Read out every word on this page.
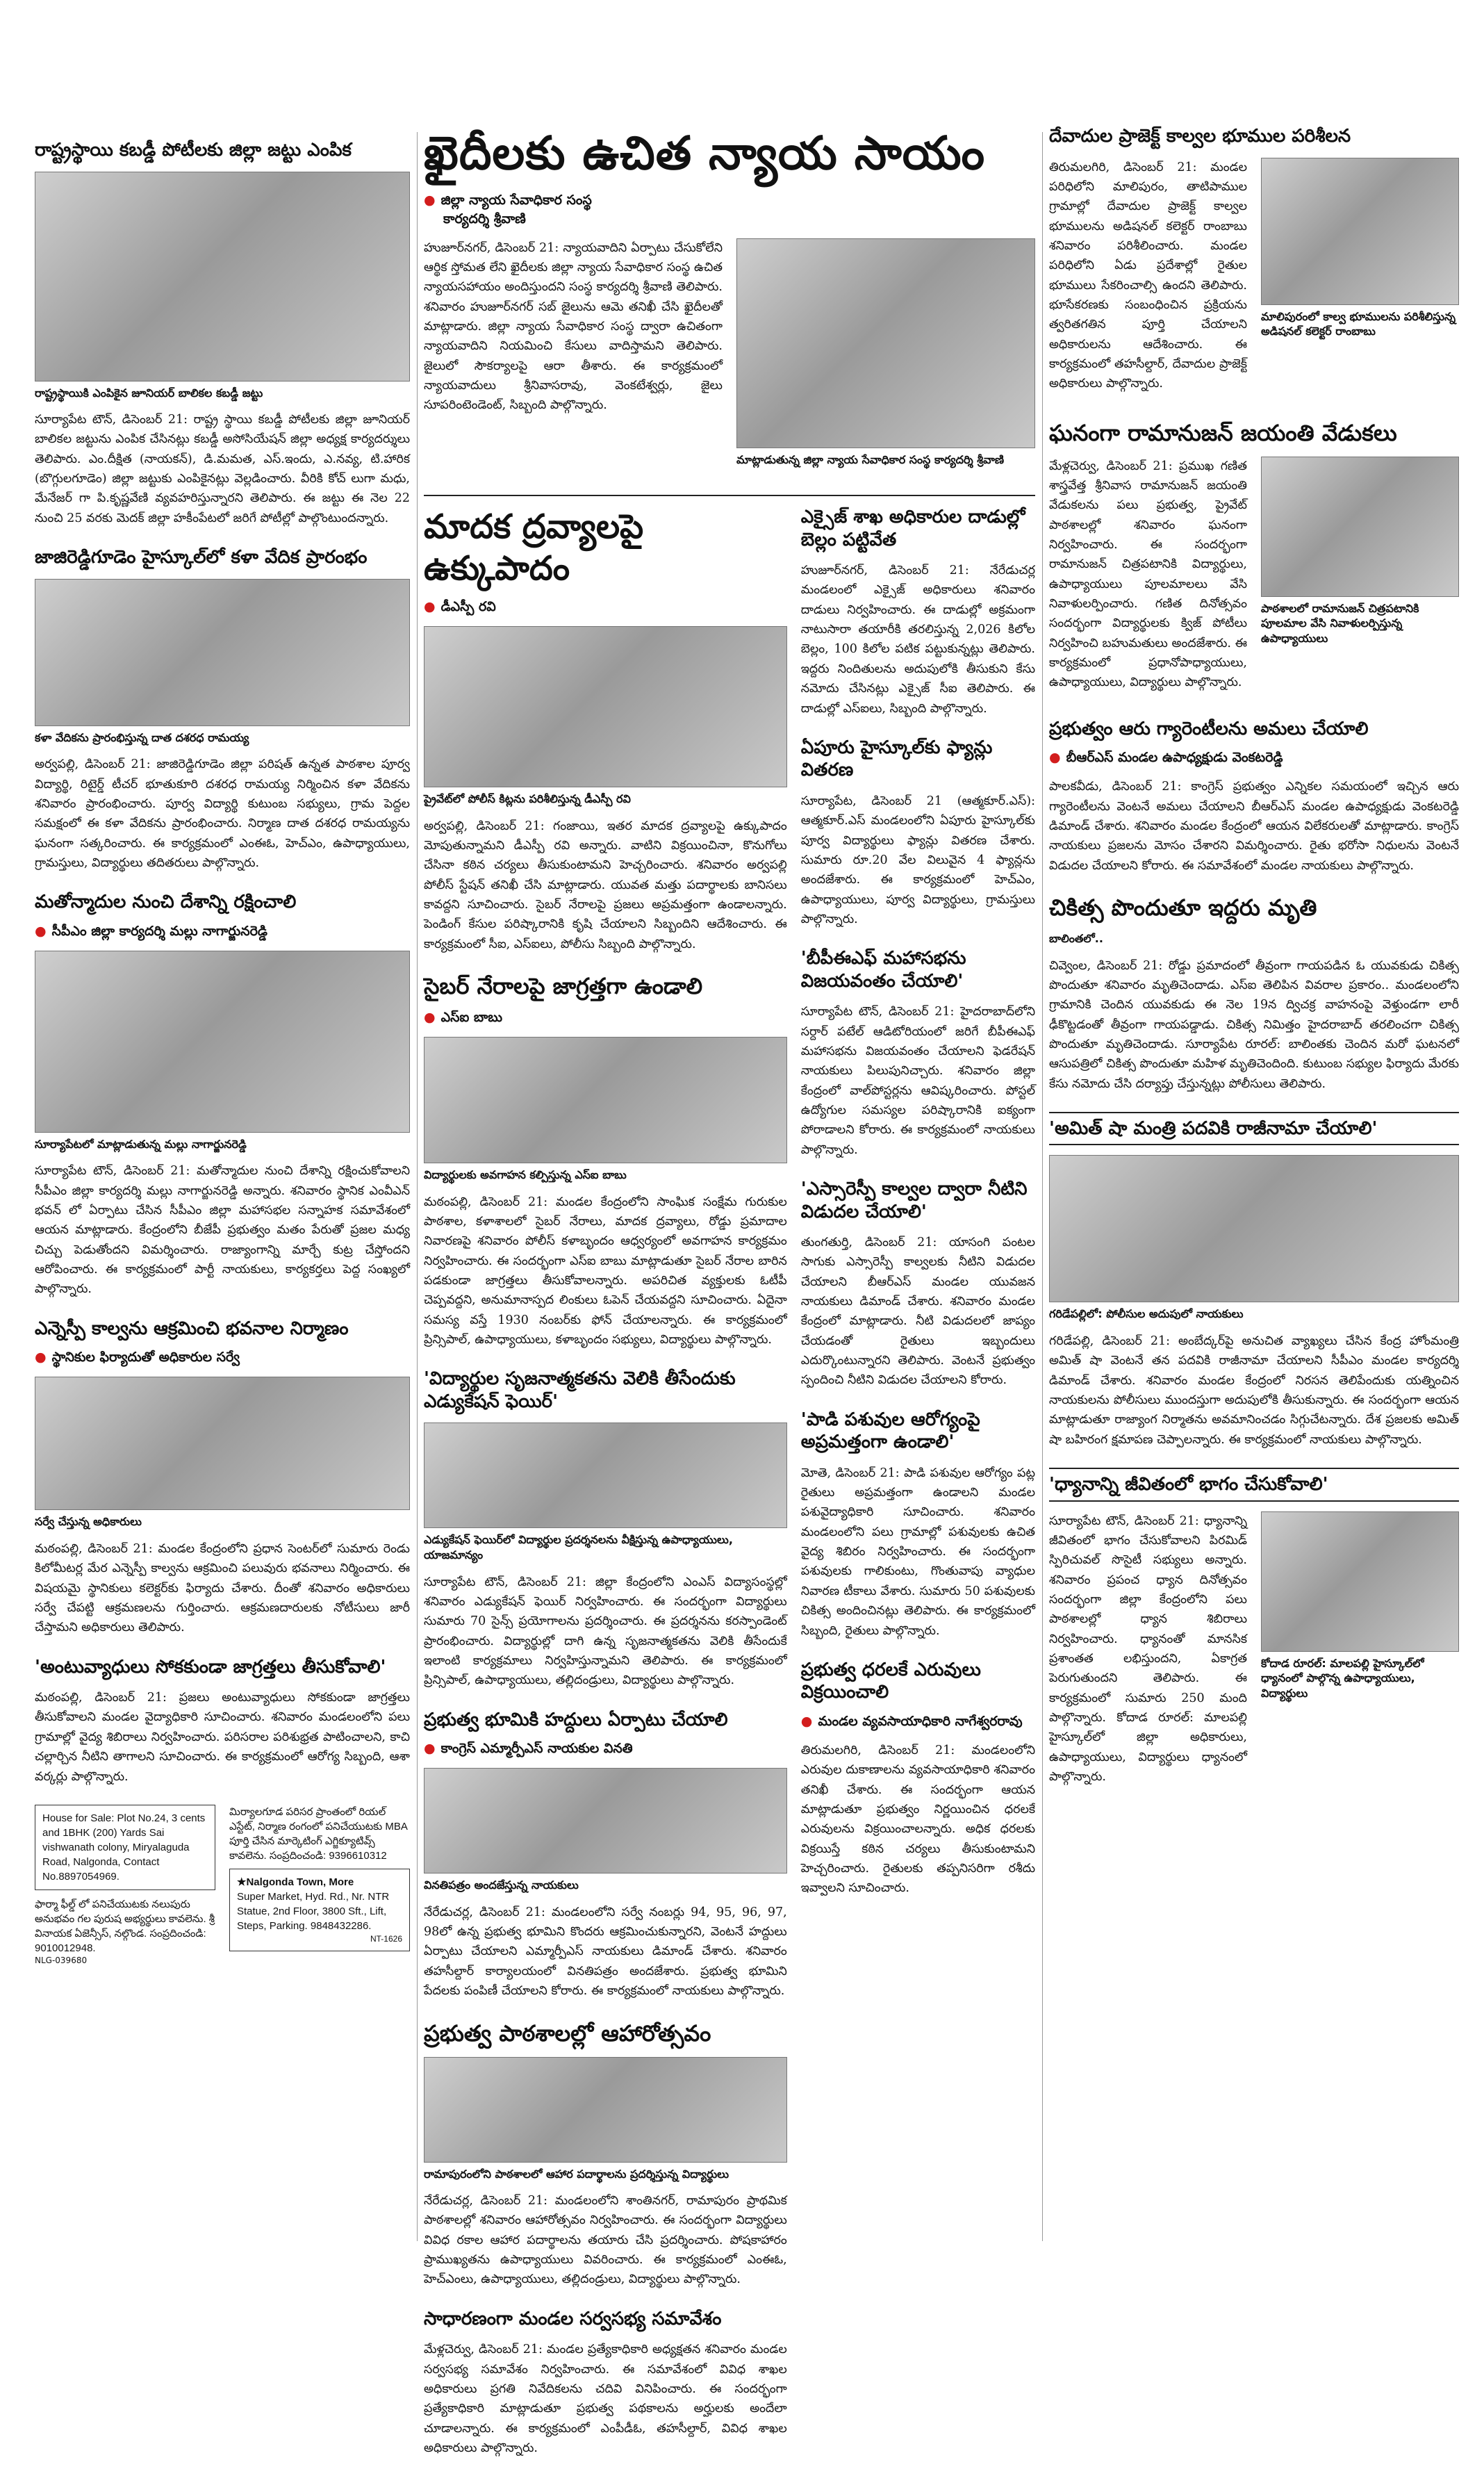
రాష్ట్రస్థాయి కబడ్డీ పోటీలకు జిల్లా జట్టు ఎంపిక
రాష్ట్రస్థాయికి ఎంపికైన జూనియర్ బాలికల కబడ్డీ జట్టు
సూర్యాపేట టౌన్, డిసెంబర్ 21: రాష్ట్ర స్థాయి కబడ్డీ పోటీలకు జిల్లా జూనియర్ బాలికల జట్టును ఎంపిక చేసినట్లు కబడ్డీ అసోసియేషన్ జిల్లా అధ్యక్ష కార్యదర్శులు తెలిపారు. ఎం.దీక్షిత (నాయకన్), డి.మమత, ఎస్.ఇందు, ఎ.నవ్య, టి.హారిక (బొగ్గులగూడెం) జిల్లా జట్టుకు ఎంపికైనట్లు వెల్లడించారు. వీరికి కోచ్ లుగా మధు, మేనేజర్ గా పి.కృష్ణవేణి వ్యవహరిస్తున్నారని తెలిపారు. ఈ జట్టు ఈ నెల 22 నుంచి 25 వరకు మెదక్ జిల్లా హకీంపేటలో జరిగే పోటీల్లో పాల్గొంటుందన్నారు.
జాజిరెడ్డిగూడెం హైస్కూల్‌లో కళా వేదిక ప్రారంభం
కళా వేదికను ప్రారంభిస్తున్న దాత దశరధ రామయ్య
అర్వపల్లి, డిసెంబర్ 21: జాజిరెడ్డిగూడెం జిల్లా పరిషత్ ఉన్నత పాఠశాల పూర్వ విద్యార్థి, రిటైర్డ్ టీచర్ భూతుకూరి దశరధ రామయ్య నిర్మించిన కళా వేదికను శనివారం ప్రారంభించారు. పూర్వ విద్యార్థి కుటుంబ సభ్యులు, గ్రామ పెద్దల సమక్షంలో ఈ కళా వేదికను ప్రారంభించారు. నిర్మాణ దాత దశరధ రామయ్యను ఘనంగా సత్కరించారు. ఈ కార్యక్రమంలో ఎంఈఓ, హెచ్ఎం, ఉపాధ్యాయులు, గ్రామస్తులు, విద్యార్థులు తదితరులు పాల్గొన్నారు.
మతోన్మాదుల నుంచి దేశాన్ని రక్షించాలి
● సీపీఎం జిల్లా కార్యదర్శి మల్లు నాగార్జునరెడ్డి
సూర్యాపేటలో మాట్లాడుతున్న మల్లు నాగార్జునరెడ్డి
సూర్యాపేట టౌన్, డిసెంబర్ 21: మతోన్మాదుల నుంచి దేశాన్ని రక్షించుకోవాలని సీపీఎం జిల్లా కార్యదర్శి మల్లు నాగార్జునరెడ్డి అన్నారు. శనివారం స్థానిక ఎంవీఎన్ భవన్ లో ఏర్పాటు చేసిన సీపీఎం జిల్లా మహాసభల సన్నాహక సమావేశంలో ఆయన మాట్లాడారు. కేంద్రంలోని బీజేపీ ప్రభుత్వం మతం పేరుతో ప్రజల మధ్య చిచ్చు పెడుతోందని విమర్శించారు. రాజ్యాంగాన్ని మార్చే కుట్ర చేస్తోందని ఆరోపించారు. ఈ కార్యక్రమంలో పార్టీ నాయకులు, కార్యకర్తలు పెద్ద సంఖ్యలో పాల్గొన్నారు.
ఎన్నెస్పీ కాల్వను ఆక్రమించి భవనాల నిర్మాణం
● స్థానికుల ఫిర్యాదుతో అధికారుల సర్వే
సర్వే చేస్తున్న అధికారులు
మఠంపల్లి, డిసెంబర్ 21: మండల కేంద్రంలోని ప్రధాన సెంటర్‌లో సుమారు రెండు కిలోమీటర్ల మేర ఎన్నెస్పీ కాల్వను ఆక్రమించి పలువురు భవనాలు నిర్మించారు. ఈ విషయమై స్థానికులు కలెక్టర్‌కు ఫిర్యాదు చేశారు. దీంతో శనివారం అధికారులు సర్వే చేపట్టి ఆక్రమణలను గుర్తించారు. ఆక్రమణదారులకు నోటీసులు జారీ చేస్తామని అధికారులు తెలిపారు.
'అంటువ్యాధులు సోకకుండా జాగ్రత్తలు తీసుకోవాలి'
మఠంపల్లి, డిసెంబర్ 21: ప్రజలు అంటువ్యాధులు సోకకుండా జాగ్రత్తలు తీసుకోవాలని మండల వైద్యాధికారి సూచించారు. శనివారం మండలంలోని పలు గ్రామాల్లో వైద్య శిబిరాలు నిర్వహించారు. పరిసరాల పరిశుభ్రత పాటించాలని, కాచి చల్లార్చిన నీటిని తాగాలని సూచించారు. ఈ కార్యక్రమంలో ఆరోగ్య సిబ్బంది, ఆశా వర్కర్లు పాల్గొన్నారు.
House for Sale: Plot No.24, 3 cents and 1BHK (200) Yards Sai vishwanath colony, Miryalaguda Road, Nalgonda, Contact No.8897054969.
ఫార్మా ఫీల్డ్ లో పనిచేయుటకు నలుపురు అనుభవం గల పురుష అభ్యర్థులు కావలెను. శ్రీ వినాయక ఏజెన్సీస్, నల్గొండ. సంప్రదించండి: 9010012948.
మిర్యాలగూడ పరిసర ప్రాంతంలో రియల్ ఎస్టేట్, నిర్మాణ రంగంలో పనిచేయుటకు MBA పూర్తి చేసిన మార్కెటింగ్ ఎగ్జిక్యూటివ్స్ కావలెను. సంప్రదించండి: 9396610312
★Nalgonda Town, More
Super Market, Hyd. Rd., Nr. NTR Statue, 2nd Floor, 3800 Sft., Lift, Steps, Parking. 9848432286.
NT-1626
NLG-039680
ఖైదీలకు ఉచిత న్యాయ సాయం
● జిల్లా న్యాయ సేవాధికార సంస్థ
కార్యదర్శి శ్రీవాణి
హుజూర్‌నగర్, డిసెంబర్ 21: న్యాయవాదిని ఏర్పాటు చేసుకోలేని ఆర్థిక స్తోమత లేని ఖైదీలకు జిల్లా న్యాయ సేవాధికార సంస్థ ఉచిత న్యాయసహాయం అందిస్తుందని సంస్థ కార్యదర్శి శ్రీవాణి తెలిపారు. శనివారం హుజూర్‌నగర్ సబ్ జైలును ఆమె తనిఖీ చేసి ఖైదీలతో మాట్లాడారు. జిల్లా న్యాయ సేవాధికార సంస్థ ద్వారా ఉచితంగా న్యాయవాదిని నియమించి కేసులు వాదిస్తామని తెలిపారు. జైలులో సౌకర్యాలపై ఆరా తీశారు. ఈ కార్యక్రమంలో న్యాయవాదులు శ్రీనివాసరావు, వెంకటేశ్వర్లు, జైలు సూపరింటెండెంట్, సిబ్బంది పాల్గొన్నారు.
మాట్లాడుతున్న జిల్లా న్యాయ సేవాధికార సంస్థ కార్యదర్శి శ్రీవాణి
మాదక ద్రవ్యాలపై ఉక్కుపాదం
● డీఎస్పీ రవి
ప్రైవేట్‌లో పోలీస్ కిట్లను పరిశీలిస్తున్న డీఎస్పీ రవి
అర్వపల్లి, డిసెంబర్ 21: గంజాయి, ఇతర మాదక ద్రవ్యాలపై ఉక్కుపాదం మోపుతున్నామని డీఎస్పీ రవి అన్నారు. వాటిని విక్రయించినా, కొనుగోలు చేసినా కఠిన చర్యలు తీసుకుంటామని హెచ్చరించారు. శనివారం అర్వపల్లి పోలీస్ స్టేషన్ తనిఖీ చేసి మాట్లాడారు. యువత మత్తు పదార్థాలకు బానిసలు కావద్దని సూచించారు. సైబర్ నేరాలపై ప్రజలు అప్రమత్తంగా ఉండాలన్నారు. పెండింగ్ కేసుల పరిష్కారానికి కృషి చేయాలని సిబ్బందిని ఆదేశించారు. ఈ కార్యక్రమంలో సీఐ, ఎస్ఐలు, పోలీసు సిబ్బంది పాల్గొన్నారు.
సైబర్ నేరాలపై జాగ్రత్తగా ఉండాలి
● ఎస్ఐ బాబు
విద్యార్థులకు అవగాహన కల్పిస్తున్న ఎస్ఐ బాబు
మఠంపల్లి, డిసెంబర్ 21: మండల కేంద్రంలోని సాంఘిక సంక్షేమ గురుకుల పాఠశాల, కళాశాలలో సైబర్ నేరాలు, మాదక ద్రవ్యాలు, రోడ్డు ప్రమాదాల నివారణపై శనివారం పోలీస్ కళాబృందం ఆధ్వర్యంలో అవగాహన కార్యక్రమం నిర్వహించారు. ఈ సందర్భంగా ఎస్ఐ బాబు మాట్లాడుతూ సైబర్ నేరాల బారిన పడకుండా జాగ్రత్తలు తీసుకోవాలన్నారు. అపరిచిత వ్యక్తులకు ఓటీపీ చెప్పవద్దని, అనుమానాస్పద లింకులు ఓపెన్ చేయవద్దని సూచించారు. ఏదైనా సమస్య వస్తే 1930 నంబర్‌కు ఫోన్ చేయాలన్నారు. ఈ కార్యక్రమంలో ప్రిన్సిపాల్, ఉపాధ్యాయులు, కళాబృందం సభ్యులు, విద్యార్థులు పాల్గొన్నారు.
'విద్యార్థుల సృజనాత్మకతను వెలికి తీసేందుకు ఎడ్యుకేషన్ ఫెయిర్'
ఎడ్యుకేషన్ ఫెయిర్‌లో విద్యార్థుల ప్రదర్శనలను వీక్షిస్తున్న ఉపాధ్యాయులు, యాజమాన్యం
సూర్యాపేట టౌన్, డిసెంబర్ 21: జిల్లా కేంద్రంలోని ఎంఎస్ విద్యాసంస్థల్లో శనివారం ఎడ్యుకేషన్ ఫెయిర్ నిర్వహించారు. ఈ సందర్భంగా విద్యార్థులు సుమారు 70 సైన్స్ ప్రయోగాలను ప్రదర్శించారు. ఈ ప్రదర్శనను కరస్పాండెంట్ ప్రారంభించారు. విద్యార్థుల్లో దాగి ఉన్న సృజనాత్మకతను వెలికి తీసేందుకే ఇలాంటి కార్యక్రమాలు నిర్వహిస్తున్నామని తెలిపారు. ఈ కార్యక్రమంలో ప్రిన్సిపాల్, ఉపాధ్యాయులు, తల్లిదండ్రులు, విద్యార్థులు పాల్గొన్నారు.
ప్రభుత్వ భూమికి హద్దులు ఏర్పాటు చేయాలి
● కాంగ్రెస్ ఎమ్మార్పీఎస్ నాయకుల వినతి
వినతిపత్రం అందజేస్తున్న నాయకులు
నేరేడుచర్ల, డిసెంబర్ 21: మండలంలోని సర్వే నంబర్లు 94, 95, 96, 97, 98లో ఉన్న ప్రభుత్వ భూమిని కొందరు ఆక్రమించుకున్నారని, వెంటనే హద్దులు ఏర్పాటు చేయాలని ఎమ్మార్పీఎస్ నాయకులు డిమాండ్ చేశారు. శనివారం తహసీల్దార్ కార్యాలయంలో వినతిపత్రం అందజేశారు. ప్రభుత్వ భూమిని పేదలకు పంపిణీ చేయాలని కోరారు. ఈ కార్యక్రమంలో నాయకులు పాల్గొన్నారు.
ప్రభుత్వ పాఠశాలల్లో ఆహారోత్సవం
రామాపురంలోని పాఠశాలలో ఆహార పదార్థాలను ప్రదర్శిస్తున్న విద్యార్థులు
నేరేడుచర్ల, డిసెంబర్ 21: మండలంలోని శాంతినగర్, రామాపురం ప్రాథమిక పాఠశాలల్లో శనివారం ఆహారోత్సవం నిర్వహించారు. ఈ సందర్భంగా విద్యార్థులు వివిధ రకాల ఆహార పదార్థాలను తయారు చేసి ప్రదర్శించారు. పోషకాహారం ప్రాముఖ్యతను ఉపాధ్యాయులు వివరించారు. ఈ కార్యక్రమంలో ఎంఈఓ, హెచ్ఎంలు, ఉపాధ్యాయులు, తల్లిదండ్రులు, విద్యార్థులు పాల్గొన్నారు.
సాధారణంగా మండల సర్వసభ్య సమావేశం
మేళ్లచెర్వు, డిసెంబర్ 21: మండల ప్రత్యేకాధికారి అధ్యక్షతన శనివారం మండల సర్వసభ్య సమావేశం నిర్వహించారు. ఈ సమావేశంలో వివిధ శాఖల అధికారులు ప్రగతి నివేదికలను చదివి వినిపించారు. ఈ సందర్భంగా ప్రత్యేకాధికారి మాట్లాడుతూ ప్రభుత్వ పథకాలను అర్హులకు అందేలా చూడాలన్నారు. ఈ కార్యక్రమంలో ఎంపీడీఓ, తహసీల్దార్, వివిధ శాఖల అధికారులు పాల్గొన్నారు.
ఎక్సైజ్ శాఖ అధికారుల దాడుల్లో బెల్లం పట్టివేత
హుజూర్‌నగర్, డిసెంబర్ 21: నేరేడుచర్ల మండలంలో ఎక్సైజ్ అధికారులు శనివారం దాడులు నిర్వహించారు. ఈ దాడుల్లో అక్రమంగా నాటుసారా తయారీకి తరలిస్తున్న 2,026 కిలోల బెల్లం, 100 కిలోల పటిక పట్టుకున్నట్లు తెలిపారు. ఇద్దరు నిందితులను అదుపులోకి తీసుకుని కేసు నమోదు చేసినట్లు ఎక్సైజ్ సీఐ తెలిపారు. ఈ దాడుల్లో ఎస్ఐలు, సిబ్బంది పాల్గొన్నారు.
ఏపూరు హైస్కూల్‌కు ఫ్యాన్లు వితరణ
సూర్యాపేట, డిసెంబర్ 21 (ఆత్మకూర్.ఎస్): ఆత్మకూర్.ఎస్ మండలంలోని ఏపూరు హైస్కూల్‌కు పూర్వ విద్యార్థులు ఫ్యాన్లు వితరణ చేశారు. సుమారు రూ.20 వేల విలువైన 4 ఫ్యాన్లను అందజేశారు. ఈ కార్యక్రమంలో హెచ్ఎం, ఉపాధ్యాయులు, పూర్వ విద్యార్థులు, గ్రామస్తులు పాల్గొన్నారు.
'బీపీఈఎఫ్ మహాసభను విజయవంతం చేయాలి'
సూర్యాపేట టౌన్, డిసెంబర్ 21: హైదరాబాద్‌లోని సర్దార్ పటేల్ ఆడిటోరియంలో జరిగే బీపీఈఎఫ్ మహాసభను విజయవంతం చేయాలని ఫెడరేషన్ నాయకులు పిలుపునిచ్చారు. శనివారం జిల్లా కేంద్రంలో వాల్‌పోస్టర్లను ఆవిష్కరించారు. పోస్టల్ ఉద్యోగుల సమస్యల పరిష్కారానికి ఐక్యంగా పోరాడాలని కోరారు. ఈ కార్యక్రమంలో నాయకులు పాల్గొన్నారు.
'ఎస్సారెస్పీ కాల్వల ద్వారా నీటిని విడుదల చేయాలి'
తుంగతుర్తి, డిసెంబర్ 21: యాసంగి పంటల సాగుకు ఎస్సారెస్పీ కాల్వలకు నీటిని విడుదల చేయాలని బీఆర్ఎస్ మండల యువజన నాయకులు డిమాండ్ చేశారు. శనివారం మండల కేంద్రంలో మాట్లాడారు. నీటి విడుదలలో జాప్యం చేయడంతో రైతులు ఇబ్బందులు ఎదుర్కొంటున్నారని తెలిపారు. వెంటనే ప్రభుత్వం స్పందించి నీటిని విడుదల చేయాలని కోరారు.
'పాడి పశువుల ఆరోగ్యంపై అప్రమత్తంగా ఉండాలి'
మోతె, డిసెంబర్ 21: పాడి పశువుల ఆరోగ్యం పట్ల రైతులు అప్రమత్తంగా ఉండాలని మండల పశువైద్యాధికారి సూచించారు. శనివారం మండలంలోని పలు గ్రామాల్లో పశువులకు ఉచిత వైద్య శిబిరం నిర్వహించారు. ఈ సందర్భంగా పశువులకు గాలికుంటు, గొంతువాపు వ్యాధుల నివారణ టీకాలు వేశారు. సుమారు 50 పశువులకు చికిత్స అందించినట్లు తెలిపారు. ఈ కార్యక్రమంలో సిబ్బంది, రైతులు పాల్గొన్నారు.
ప్రభుత్వ ధరలకే ఎరువులు విక్రయించాలి
● మండల వ్యవసాయాధికారి నాగేశ్వరరావు
తిరుమలగిరి, డిసెంబర్ 21: మండలంలోని ఎరువుల దుకాణాలను వ్యవసాయాధికారి శనివారం తనిఖీ చేశారు. ఈ సందర్భంగా ఆయన మాట్లాడుతూ ప్రభుత్వం నిర్ణయించిన ధరలకే ఎరువులను విక్రయించాలన్నారు. అధిక ధరలకు విక్రయిస్తే కఠిన చర్యలు తీసుకుంటామని హెచ్చరించారు. రైతులకు తప్పనిసరిగా రశీదు ఇవ్వాలని సూచించారు.
దేవాదుల ప్రాజెక్ట్ కాల్వల భూముల పరిశీలన
తిరుమలగిరి, డిసెంబర్ 21: మండల పరిధిలోని మాలిపురం, తాటిపాముల గ్రామాల్లో దేవాదుల ప్రాజెక్ట్ కాల్వల భూములను అడిషనల్ కలెక్టర్ రాంబాబు శనివారం పరిశీలించారు. మండల పరిధిలోని ఏడు ప్రదేశాల్లో రైతుల భూములు సేకరించాల్సి ఉందని తెలిపారు. భూసేకరణకు సంబంధించిన ప్రక్రియను త్వరితగతిన పూర్తి చేయాలని అధికారులను ఆదేశించారు. ఈ కార్యక్రమంలో తహసీల్దార్, దేవాదుల ప్రాజెక్ట్ అధికారులు పాల్గొన్నారు.
మాలిపురంలో కాల్వ భూములను పరిశీలిస్తున్న అడిషనల్ కలెక్టర్ రాంబాబు
ఘనంగా రామానుజన్ జయంతి వేడుకలు
మేళ్లచెర్వు, డిసెంబర్ 21: ప్రముఖ గణిత శాస్త్రవేత్త శ్రీనివాస రామానుజన్ జయంతి వేడుకలను పలు ప్రభుత్వ, ప్రైవేట్ పాఠశాలల్లో శనివారం ఘనంగా నిర్వహించారు. ఈ సందర్భంగా రామానుజన్ చిత్రపటానికి విద్యార్థులు, ఉపాధ్యాయులు పూలమాలలు వేసి నివాళులర్పించారు. గణిత దినోత్సవం సందర్భంగా విద్యార్థులకు క్విజ్ పోటీలు నిర్వహించి బహుమతులు అందజేశారు. ఈ కార్యక్రమంలో ప్రధానోపాధ్యాయులు, ఉపాధ్యాయులు, విద్యార్థులు పాల్గొన్నారు.
పాఠశాలలో రామానుజన్ చిత్రపటానికి పూలమాల వేసి నివాళులర్పిస్తున్న ఉపాధ్యాయులు
ప్రభుత్వం ఆరు గ్యారెంటీలను అమలు చేయాలి
● బీఆర్ఎస్ మండల ఉపాధ్యక్షుడు వెంకటరెడ్డి
పాలకవీడు, డిసెంబర్ 21: కాంగ్రెస్ ప్రభుత్వం ఎన్నికల సమయంలో ఇచ్చిన ఆరు గ్యారెంటీలను వెంటనే అమలు చేయాలని బీఆర్ఎస్ మండల ఉపాధ్యక్షుడు వెంకటరెడ్డి డిమాండ్ చేశారు. శనివారం మండల కేంద్రంలో ఆయన విలేకరులతో మాట్లాడారు. కాంగ్రెస్ నాయకులు ప్రజలను మోసం చేశారని విమర్శించారు. రైతు భరోసా నిధులను వెంటనే విడుదల చేయాలని కోరారు. ఈ సమావేశంలో మండల నాయకులు పాల్గొన్నారు.
చికిత్స పొందుతూ ఇద్దరు మృతి
బాలింతలో..
చివ్వెంల, డిసెంబర్ 21: రోడ్డు ప్రమాదంలో తీవ్రంగా గాయపడిన ఓ యువకుడు చికిత్స పొందుతూ శనివారం మృతిచెందాడు. ఎస్ఐ తెలిపిన వివరాల ప్రకారం.. మండలంలోని గ్రామానికి చెందిన యువకుడు ఈ నెల 19న ద్విచక్ర వాహనంపై వెళ్తుండగా లారీ ఢీకొట్టడంతో తీవ్రంగా గాయపడ్డాడు. చికిత్స నిమిత్తం హైదరాబాద్ తరలించగా చికిత్స పొందుతూ మృతిచెందాడు. సూర్యాపేట రూరల్: బాలింతకు చెందిన మరో ఘటనలో ఆసుపత్రిలో చికిత్స పొందుతూ మహిళ మృతిచెందింది. కుటుంబ సభ్యుల ఫిర్యాదు మేరకు కేసు నమోదు చేసి దర్యాప్తు చేస్తున్నట్లు పోలీసులు తెలిపారు.
'అమిత్ షా మంత్రి పదవికి రాజీనామా చేయాలి'
గరిడేపల్లిలో: పోలీసుల అదుపులో నాయకులు
గరిడేపల్లి, డిసెంబర్ 21: అంబేద్కర్‌పై అనుచిత వ్యాఖ్యలు చేసిన కేంద్ర హోంమంత్రి అమిత్ షా వెంటనే తన పదవికి రాజీనామా చేయాలని సీపీఎం మండల కార్యదర్శి డిమాండ్ చేశారు. శనివారం మండల కేంద్రంలో నిరసన తెలిపేందుకు యత్నించిన నాయకులను పోలీసులు ముందస్తుగా అదుపులోకి తీసుకున్నారు. ఈ సందర్భంగా ఆయన మాట్లాడుతూ రాజ్యాంగ నిర్మాతను అవమానించడం సిగ్గుచేటన్నారు. దేశ ప్రజలకు అమిత్ షా బహిరంగ క్షమాపణ చెప్పాలన్నారు. ఈ కార్యక్రమంలో నాయకులు పాల్గొన్నారు.
'ధ్యానాన్ని జీవితంలో భాగం చేసుకోవాలి'
సూర్యాపేట టౌన్, డిసెంబర్ 21: ధ్యానాన్ని జీవితంలో భాగం చేసుకోవాలని పిరమిడ్ స్పిరిచువల్ సొసైటీ సభ్యులు అన్నారు. శనివారం ప్రపంచ ధ్యాన దినోత్సవం సందర్భంగా జిల్లా కేంద్రంలోని పలు పాఠశాలల్లో ధ్యాన శిబిరాలు నిర్వహించారు. ధ్యానంతో మానసిక ప్రశాంతత లభిస్తుందని, ఏకాగ్రత పెరుగుతుందని తెలిపారు. ఈ కార్యక్రమంలో సుమారు 250 మంది పాల్గొన్నారు. కోదాడ రూరల్: మాలపల్లి హైస్కూల్‌లో జిల్లా అధికారులు, ఉపాధ్యాయులు, విద్యార్థులు ధ్యానంలో పాల్గొన్నారు.
కోదాడ రూరల్: మాలపల్లి హైస్కూల్‌లో ధ్యానంలో పాల్గొన్న ఉపాధ్యాయులు, విద్యార్థులు
